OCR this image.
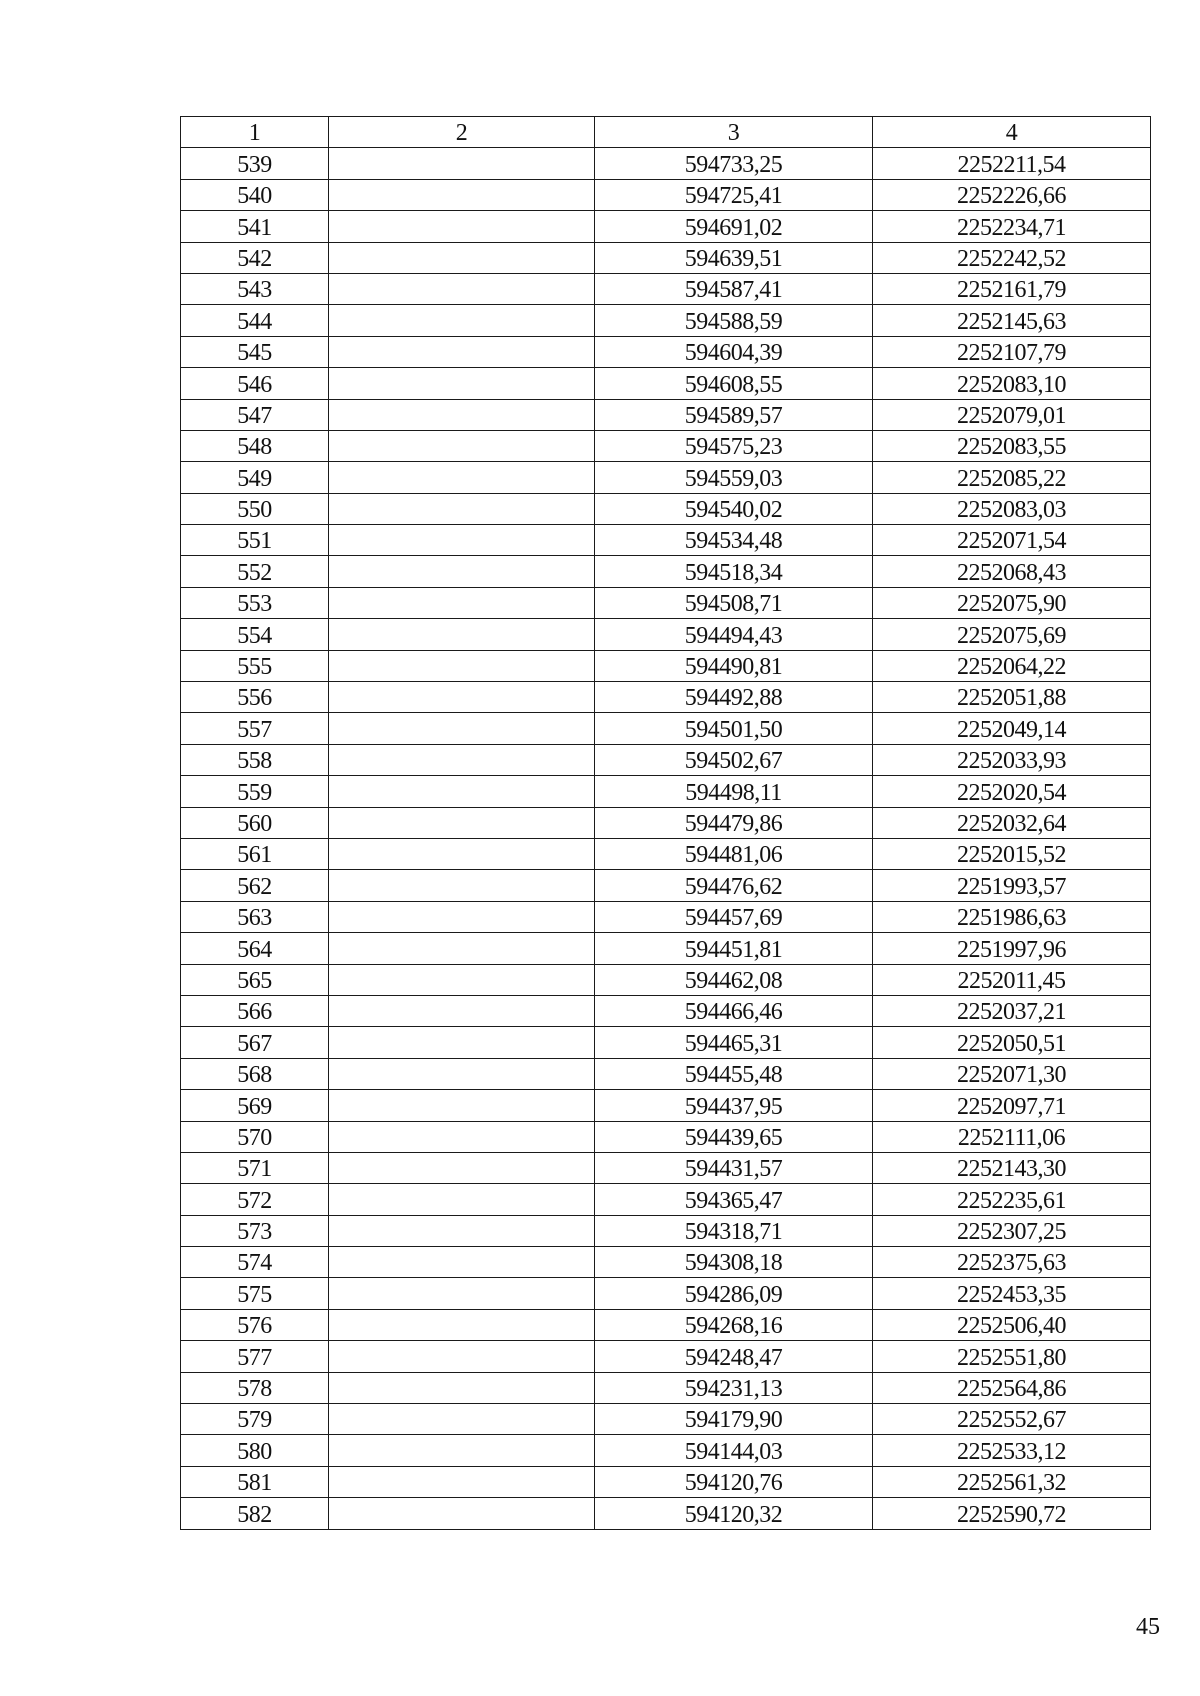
1	2	3	4
539		594733,25	2252211,54
540		594725,41	2252226,66
541		594691,02	2252234,71
542		594639,51	2252242,52
543		594587,41	2252161,79
544		594588,59	2252145,63
545		594604,39	2252107,79
546		594608,55	2252083,10
547		594589,57	2252079,01
548		594575,23	2252083,55
549		594559,03	2252085,22
550		594540,02	2252083,03
551		594534,48	2252071,54
552		594518,34	2252068,43
553		594508,71	2252075,90
554		594494,43	2252075,69
555		594490,81	2252064,22
556		594492,88	2252051,88
557		594501,50	2252049,14
558		594502,67	2252033,93
559		594498,11	2252020,54
560		594479,86	2252032,64
561		594481,06	2252015,52
562		594476,62	2251993,57
563		594457,69	2251986,63
564		594451,81	2251997,96
565		594462,08	2252011,45
566		594466,46	2252037,21
567		594465,31	2252050,51
568		594455,48	2252071,30
569		594437,95	2252097,71
570		594439,65	2252111,06
571		594431,57	2252143,30
572		594365,47	2252235,61
573		594318,71	2252307,25
574		594308,18	2252375,63
575		594286,09	2252453,35
576		594268,16	2252506,40
577		594248,47	2252551,80
578		594231,13	2252564,86
579		594179,90	2252552,67
580		594144,03	2252533,12
581		594120,76	2252561,32
582		594120,32	2252590,72
45
